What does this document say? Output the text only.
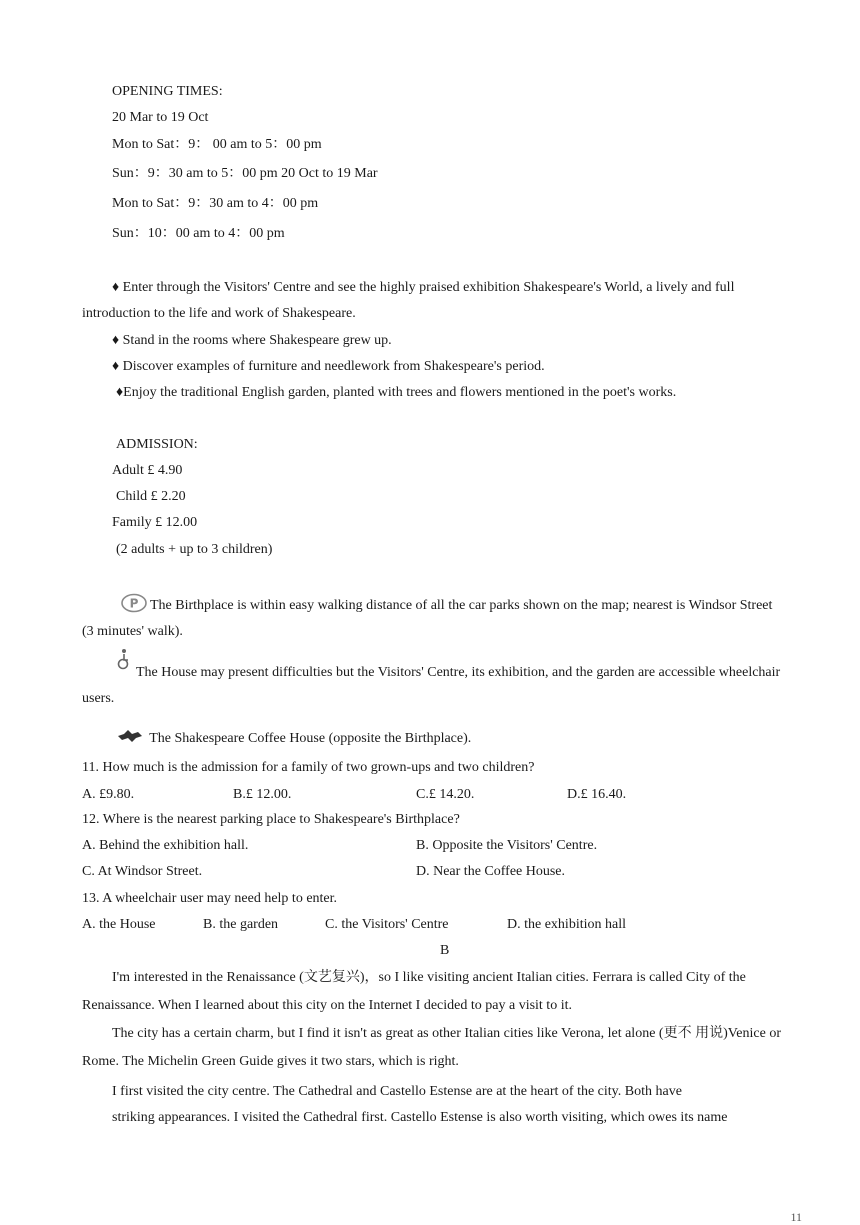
OPENING TIMES:
20 Mar to 19 Oct
Mon to Sat：9： 00 am to 5：00 pm
Sun：9：30 am to 5：00 pm 20 Oct to 19 Mar
Mon to Sat：9：30 am to 4：00 pm
Sun：10：00 am to 4：00 pm
♦ Enter through the Visitors' Centre and see the highly praised exhibition Shakespeare's World, a lively and full introduction to the life and work of Shakespeare.
♦ Stand in the rooms where Shakespeare grew up.
♦ Discover examples of furniture and needlework from Shakespeare's period.
♦Enjoy the traditional English garden, planted with trees and flowers mentioned in the poet's works.
ADMISSION:
Adult £ 4.90
Child £ 2.20
Family £ 12.00
(2 adults + up to 3 children)
P The Birthplace is within easy walking distance of all the car parks shown on the map; nearest is Windsor Street (3 minutes' walk).
The House may present difficulties but the Visitors' Centre, its exhibition, and the garden are accessible wheelchair users.
The Shakespeare Coffee House (opposite the Birthplace).
11. How much is the admission for a family of two grown-ups and two children?
A. £9.80.	B.£ 12.00.	C.£ 14.20.	D.£ 16.40.
12. Where is the nearest parking place to Shakespeare's Birthplace?
A. Behind the exhibition hall.	B. Opposite the Visitors' Centre.
C. At Windsor Street.	D. Near the Coffee House.
13. A wheelchair user may need help to enter.
A. the House	B. the garden	C. the Visitors' Centre	D. the exhibition hall
B
I'm interested in the Renaissance (文艺复兴)，so I like visiting ancient Italian cities. Ferrara is called City of the Renaissance. When I learned about this city on the Internet I decided to pay a visit to it.
The city has a certain charm, but I find it isn't as great as other Italian cities like Verona, let alone (更不 用说)Venice or Rome. The Michelin Green Guide gives it two stars, which is right.
I first visited the city centre. The Cathedral and Castello Estense are at the heart of the city. Both have
striking appearances. I visited the Cathedral first. Castello Estense is also worth visiting, which owes its name
11
